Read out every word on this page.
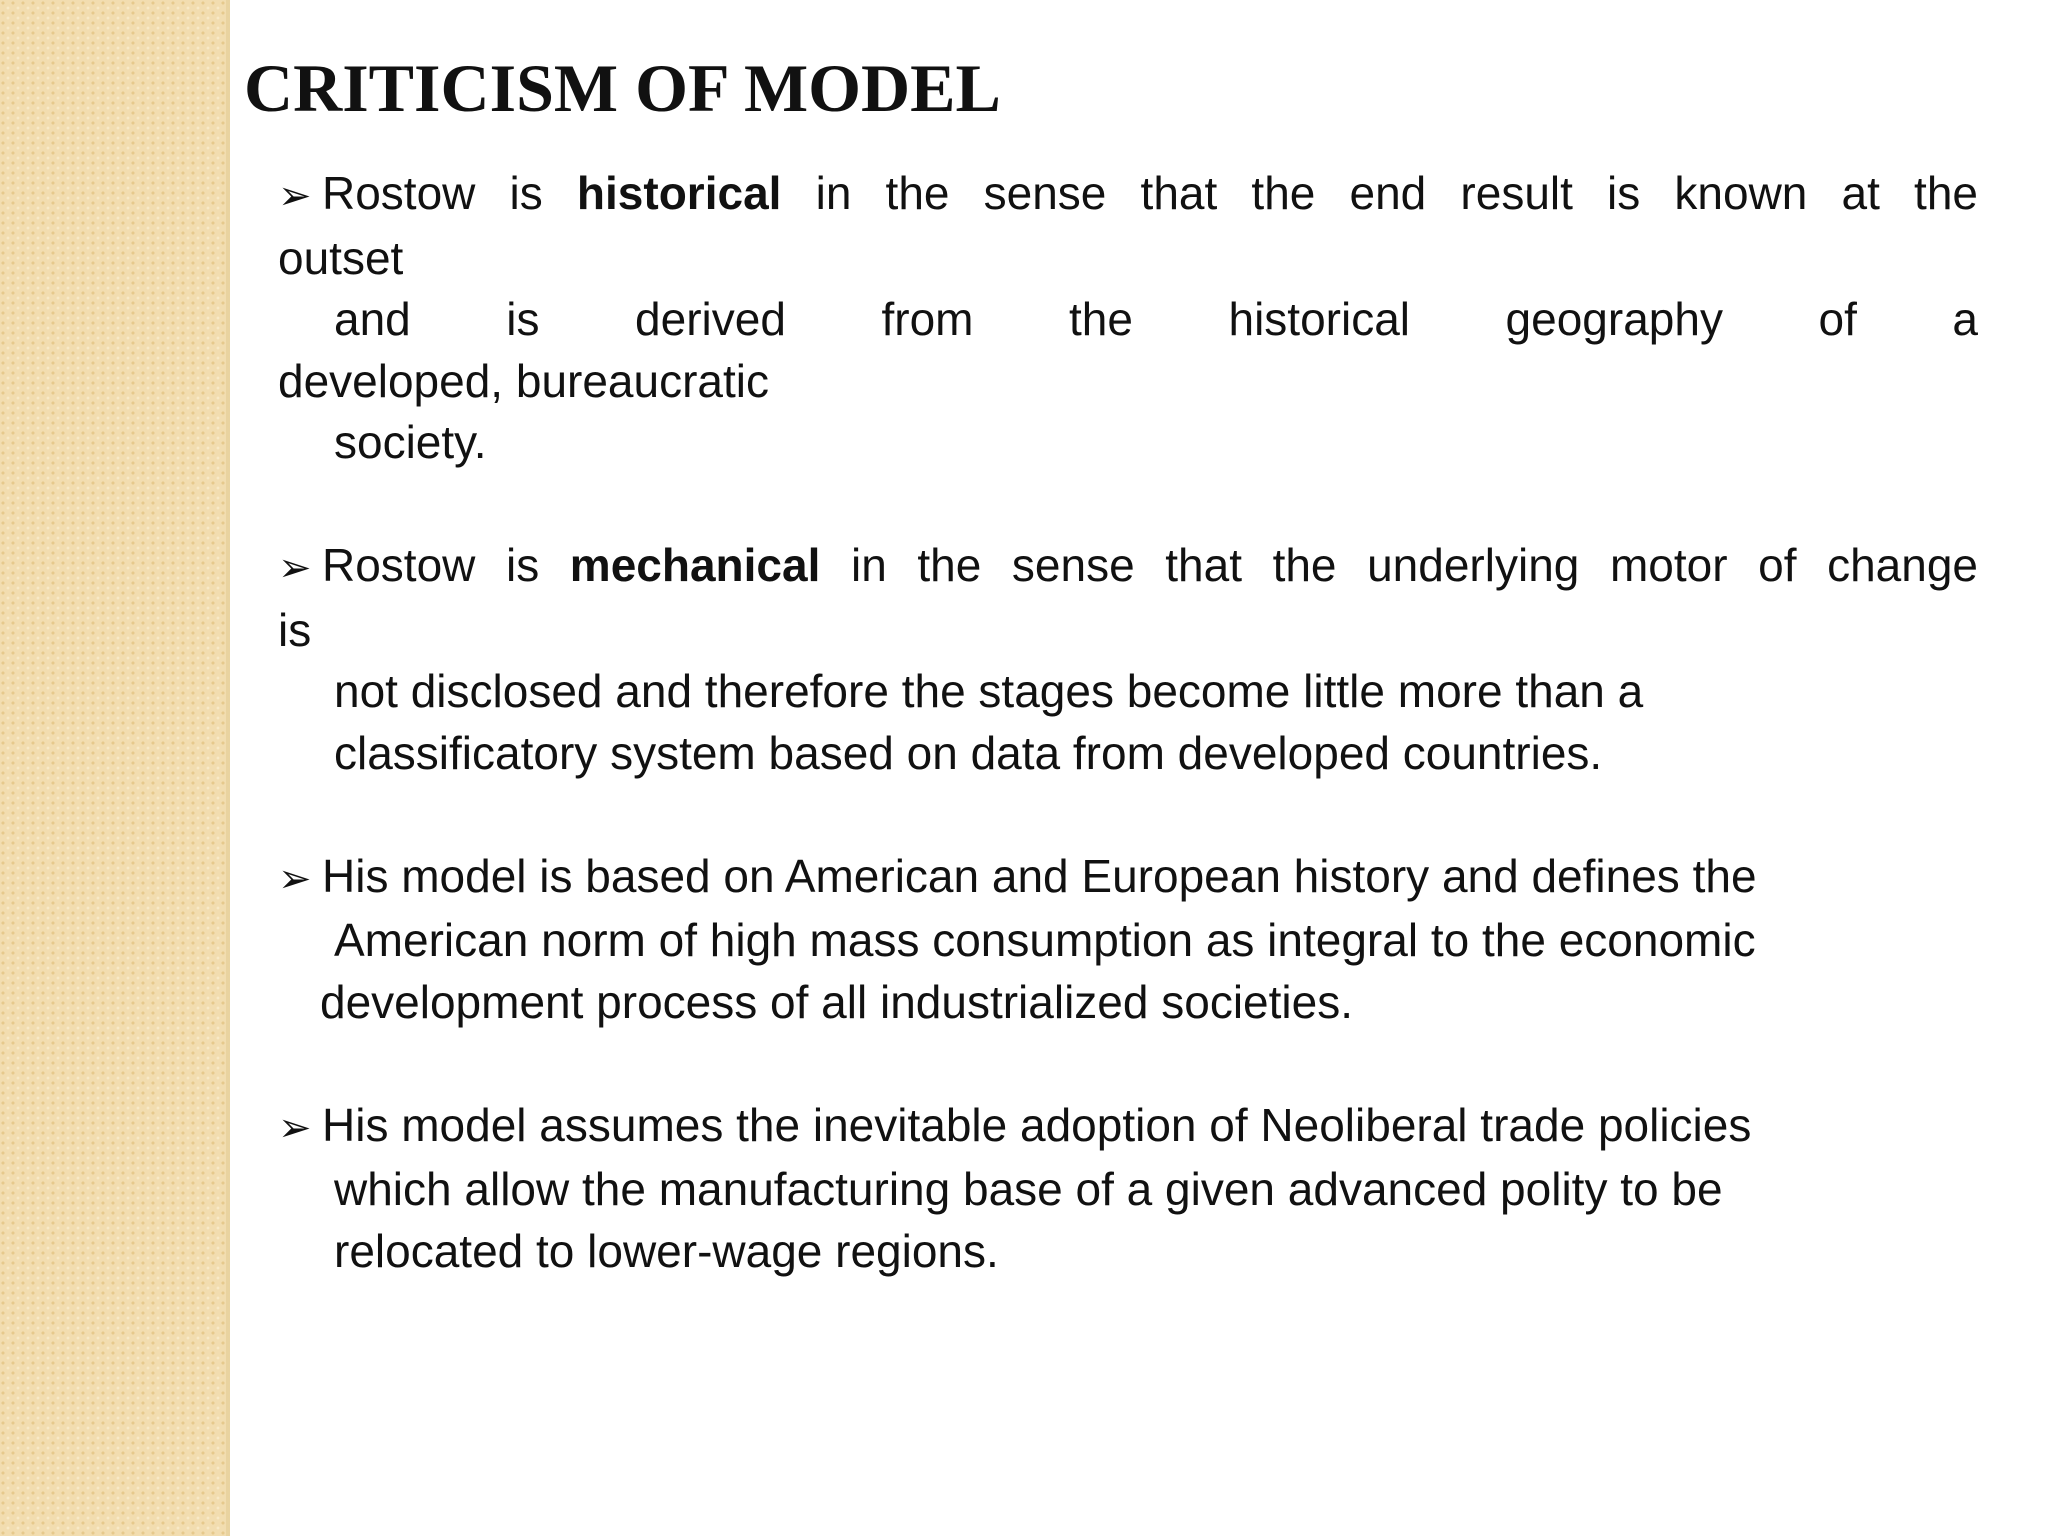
CRITICISM OF MODEL
➢ Rostow is historical in the sense that the end result is known at the
outset
and is derived from the historical geography of a
developed, bureaucratic
society.
➢ Rostow is mechanical in the sense that the underlying motor of change
is
not disclosed and therefore the stages become little more than a
classificatory system based on data from developed countries.
➢ His model is based on American and European history and defines the
American norm of high mass consumption as integral to the economic
development process of all industrialized societies.
➢ His model assumes the inevitable adoption of Neoliberal trade policies
which allow the manufacturing base of a given advanced polity to be
relocated to lower-wage regions.
